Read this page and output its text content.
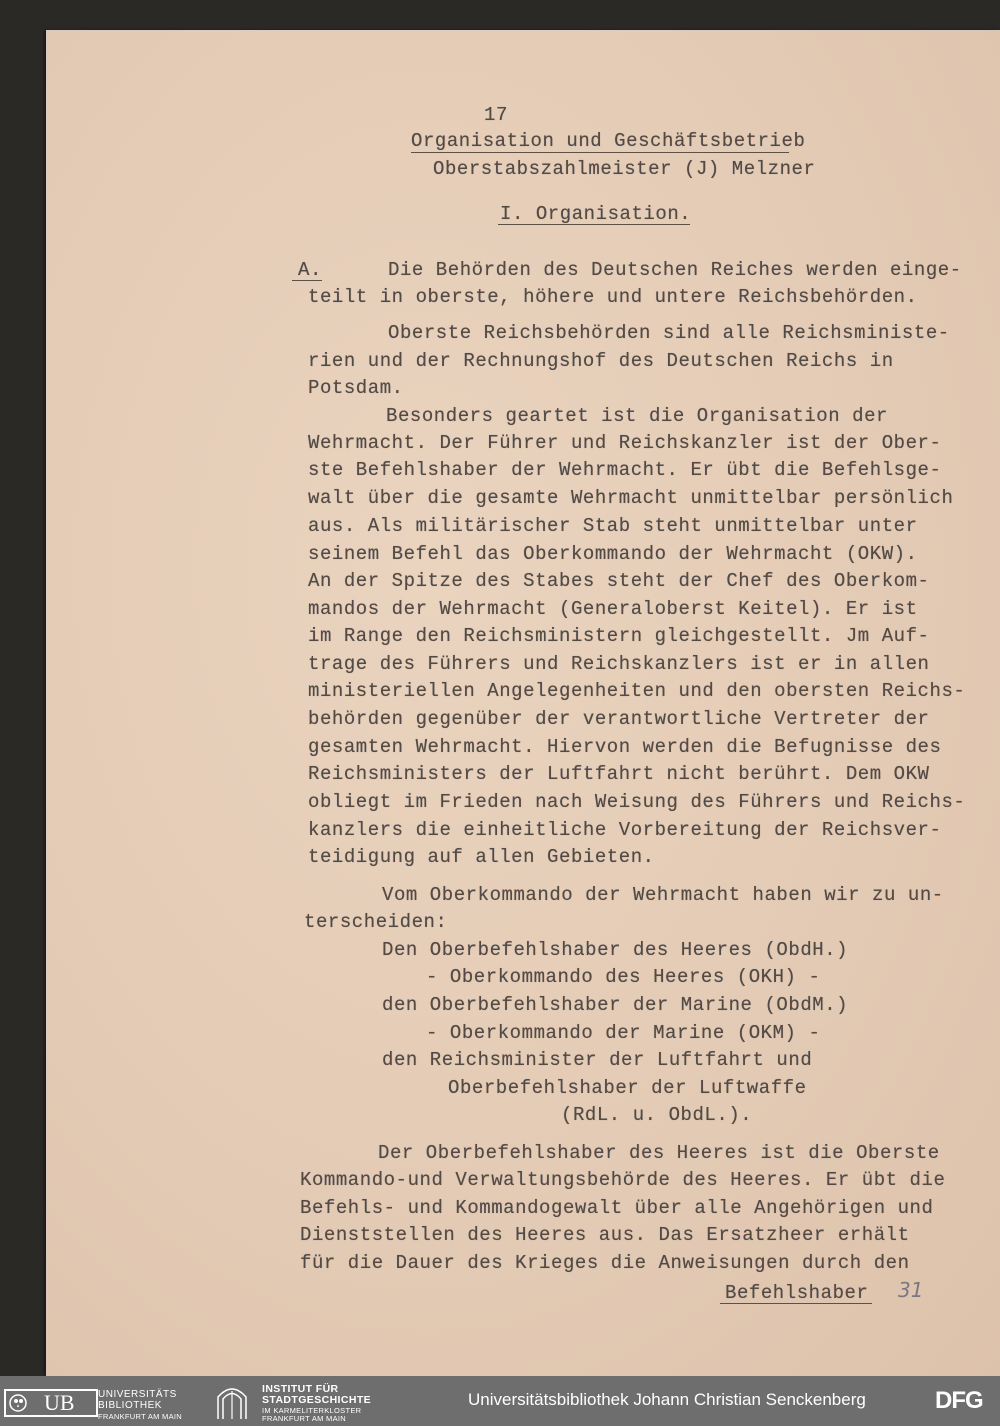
17
Organisation und Geschäftsbetrieb
Oberstabszahlmeister (J) Melzner
I. Organisation.
A.	Die Behörden des Deutschen Reiches werden einge-
teilt in oberste, höhere und untere Reichsbehörden.
Oberste Reichsbehörden sind alle Reichsministe-
rien und der Rechnungshof des Deutschen Reichs in
Potsdam.
Besonders geartet ist die Organisation der
Wehrmacht. Der Führer und Reichskanzler ist der Ober-
ste Befehlshaber der Wehrmacht. Er übt die Befehlsge-
walt über die gesamte Wehrmacht unmittelbar persönlich
aus. Als militärischer Stab steht unmittelbar unter
seinem Befehl das Oberkommando der Wehrmacht (OKW).
An der Spitze des Stabes steht der Chef des Oberkom-
mandos der Wehrmacht (Generaloberst Keitel). Er ist
im Range den Reichsministern gleichgestellt. Jm Auf-
trage des Führers und Reichskanzlers ist er in allen
ministeriellen Angelegenheiten und den obersten Reichs-
behörden gegenüber der verantwortliche Vertreter der
gesamten Wehrmacht. Hiervon werden die Befugnisse des
Reichsministers der Luftfahrt nicht berührt. Dem OKW
obliegt im Frieden nach Weisung des Führers und Reichs-
kanzlers die einheitliche Vorbereitung der Reichsver-
teidigung auf allen Gebieten.
Vom Oberkommando der Wehrmacht haben wir zu un-
terscheiden:
Den Oberbefehlshaber des Heeres (ObdH.)
- Oberkommando des Heeres (OKH) -
den Oberbefehlshaber der Marine (ObdM.)
- Oberkommando der Marine (OKM) -
den Reichsminister der Luftfahrt und
Oberbefehlshaber der Luftwaffe
(RdL. u. ObdL.).
Der Oberbefehlshaber des Heeres ist die Oberste
Kommando-und Verwaltungsbehörde des Heeres. Er übt die
Befehls- und Kommandogewalt über alle Angehörigen und
Dienststellen des Heeres aus. Das Ersatzheer erhält
für die Dauer des Krieges die Anweisungen durch den
Befehlshaber 31
UB UNIVERSITÄTS
BIBLIOTHEK
FRANKFURT AM MAIN
INSTITUT FÜR
STADTGESCHICHTE
IM KARMELITERKLOSTER
FRANKFURT AM MAIN
Universitätsbibliothek Johann Christian Senckenberg	DFG
